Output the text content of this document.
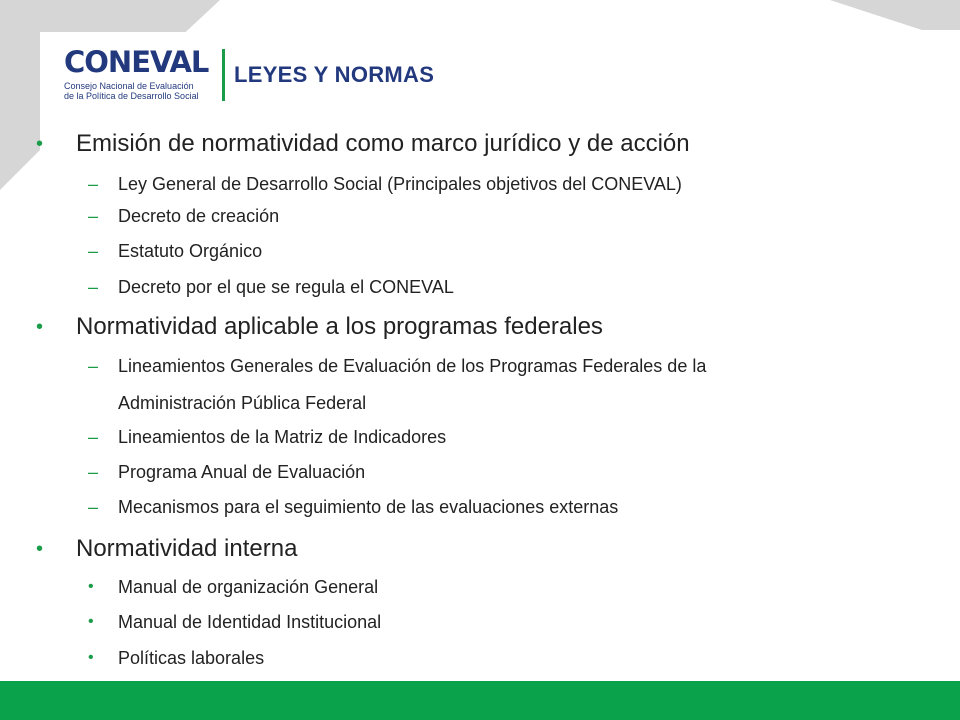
CONEVAL
Consejo Nacional de Evaluación
de la Política de Desarrollo Social
LEYES Y NORMAS
• Emisión de normatividad como marco jurídico y de acción
– Ley General de Desarrollo Social (Principales objetivos del CONEVAL)
– Decreto de creación
– Estatuto Orgánico
– Decreto por el que se regula el CONEVAL
• Normatividad aplicable a los programas federales
– Lineamientos Generales de Evaluación de los Programas Federales de la
Administración Pública Federal
– Lineamientos de la Matriz de Indicadores
– Programa Anual de Evaluación
– Mecanismos para el seguimiento de las evaluaciones externas
• Normatividad interna
• Manual de organización General
• Manual de Identidad Institucional
• Políticas laborales
